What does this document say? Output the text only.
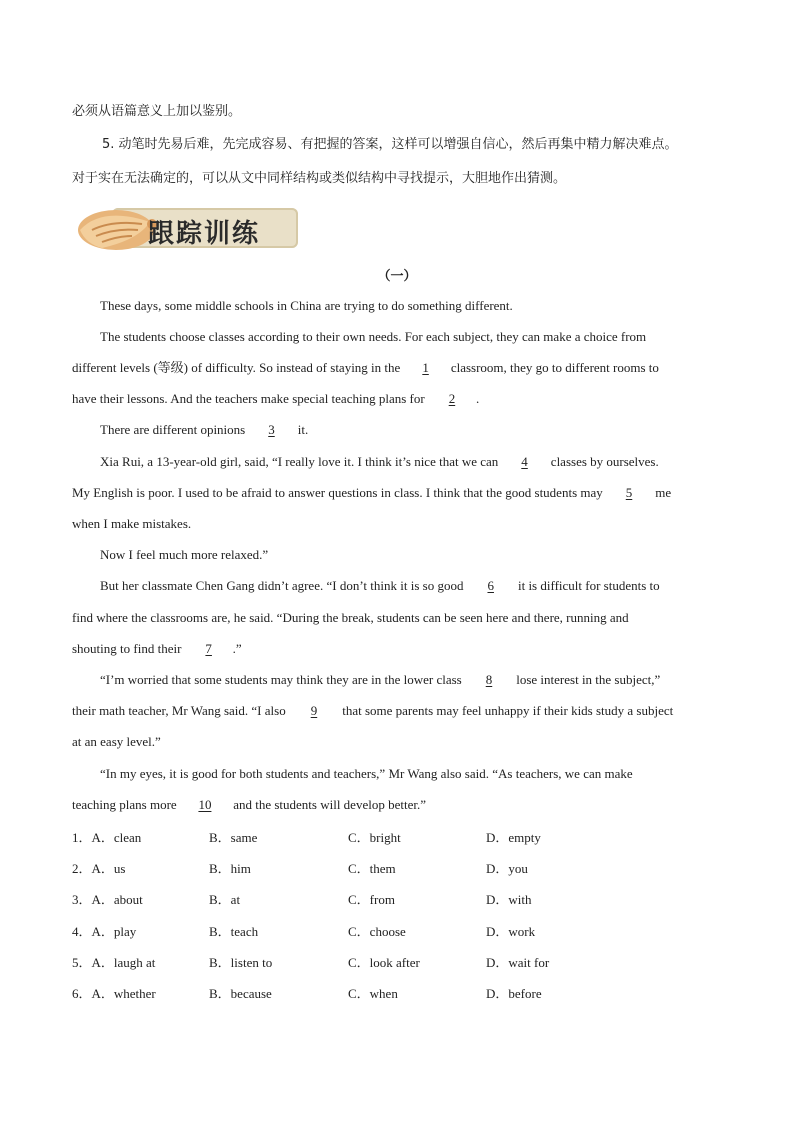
必须从语篇意义上加以鉴别。
5. 动笔时先易后难，先完成容易、有把握的答案，这样可以增强自信心，然后再集中精力解决难点。
对于实在无法确定的，可以从文中同样结构或类似结构中寻找提示，大胆地作出猜测。
跟踪训练
（一）
These days, some middle schools in China are trying to do something different.
The students choose classes according to their own needs. For each subject, they can make a choice from
different levels (等级) of difficulty. So instead of staying in the 1 classroom, they go to different rooms to
have their lessons. And the teachers make special teaching plans for 2 .
There are different opinions 3 it.
Xia Rui, a 13-year-old girl, said, “I really love it. I think it’s nice that we can 4 classes by ourselves.
My English is poor. I used to be afraid to answer questions in class. I think that the good students may 5 me
when I make mistakes.
Now I feel much more relaxed.”
But her classmate Chen Gang didn’t agree. “I don’t think it is so good 6 it is difficult for students to
find where the classrooms are, he said. “During the break, students can be seen here and there, running and
shouting to find their 7 .”
“I’m worried that some students may think they are in the lower class 8 lose interest in the subject,”
their math teacher, Mr Wang said. “I also 9 that some parents may feel unhappy if their kids study a subject
at an easy level.”
“In my eyes, it is good for both students and teachers,” Mr Wang also said. “As teachers, we can make
teaching plans more 10 and the students will develop better.”
1．A．clean	B．same	C．bright	D．empty
2．A．us	B．him	C．them	D．you
3．A．about	B．at	C．from	D．with
4．A．play	B．teach	C．choose	D．work
5．A．laugh at	B．listen to	C．look after	D．wait for
6．A．whether	B．because	C．when	D．before
